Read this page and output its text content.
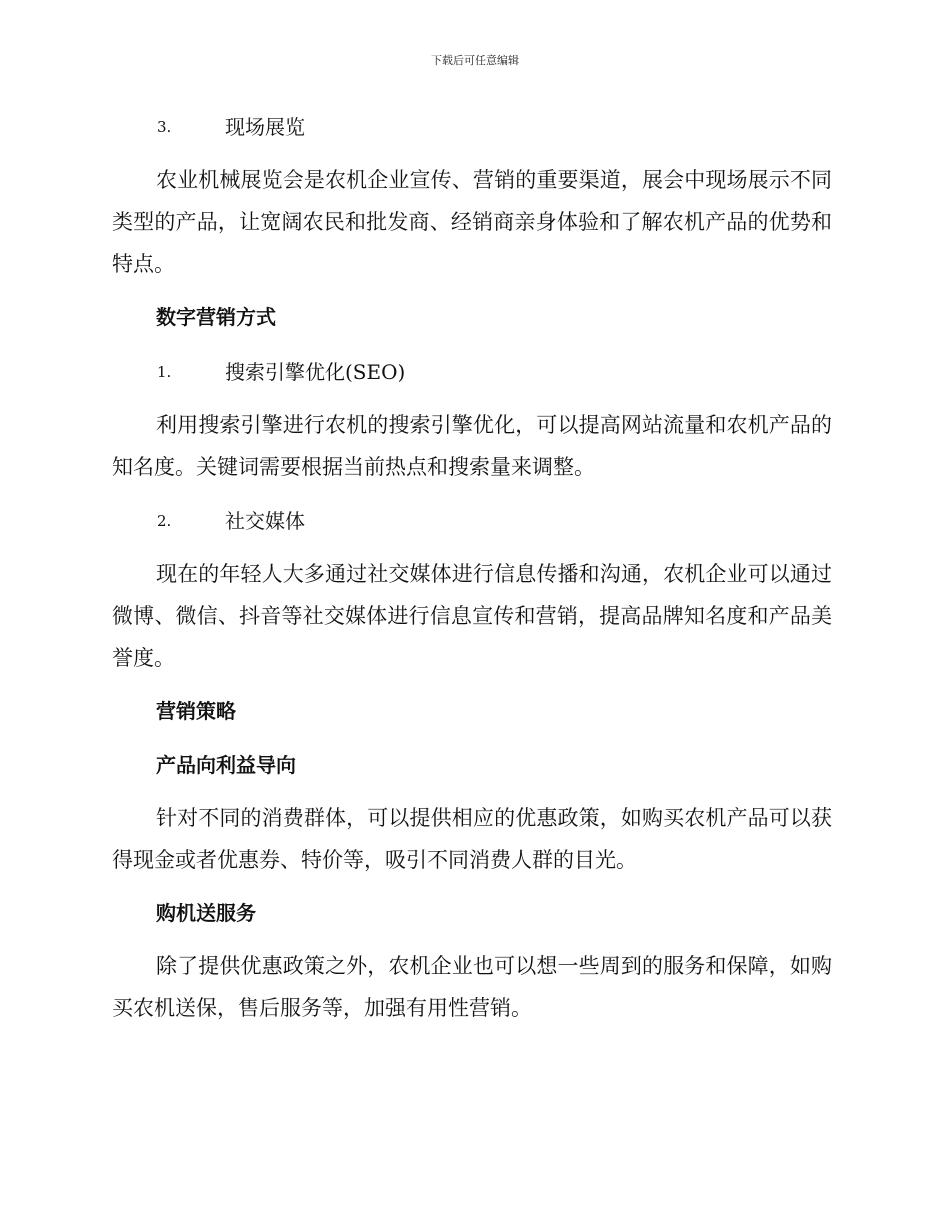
下载后可任意编辑
3.	现场展览

农业机械展览会是农机企业宣传、营销的重要渠道，展会中现场展示不同类型的产品，让宽阔农民和批发商、经销商亲身体验和了解农机产品的优势和特点。

数字营销方式
1.	搜索引擎优化(SEO)

利用搜索引擎进行农机的搜索引擎优化，可以提高网站流量和农机产品的知名度。关键词需要根据当前热点和搜索量来调整。

2.	社交媒体

现在的年轻人大多通过社交媒体进行信息传播和沟通，农机企业可以通过微博、微信、抖音等社交媒体进行信息宣传和营销，提高品牌知名度和产品美誉度。

营销策略
产品向利益导向

针对不同的消费群体，可以提供相应的优惠政策，如购买农机产品可以获得现金或者优惠券、特价等，吸引不同消费人群的目光。

购机送服务

除了提供优惠政策之外，农机企业也可以想一些周到的服务和保障，如购买农机送保，售后服务等，加强有用性营销。
